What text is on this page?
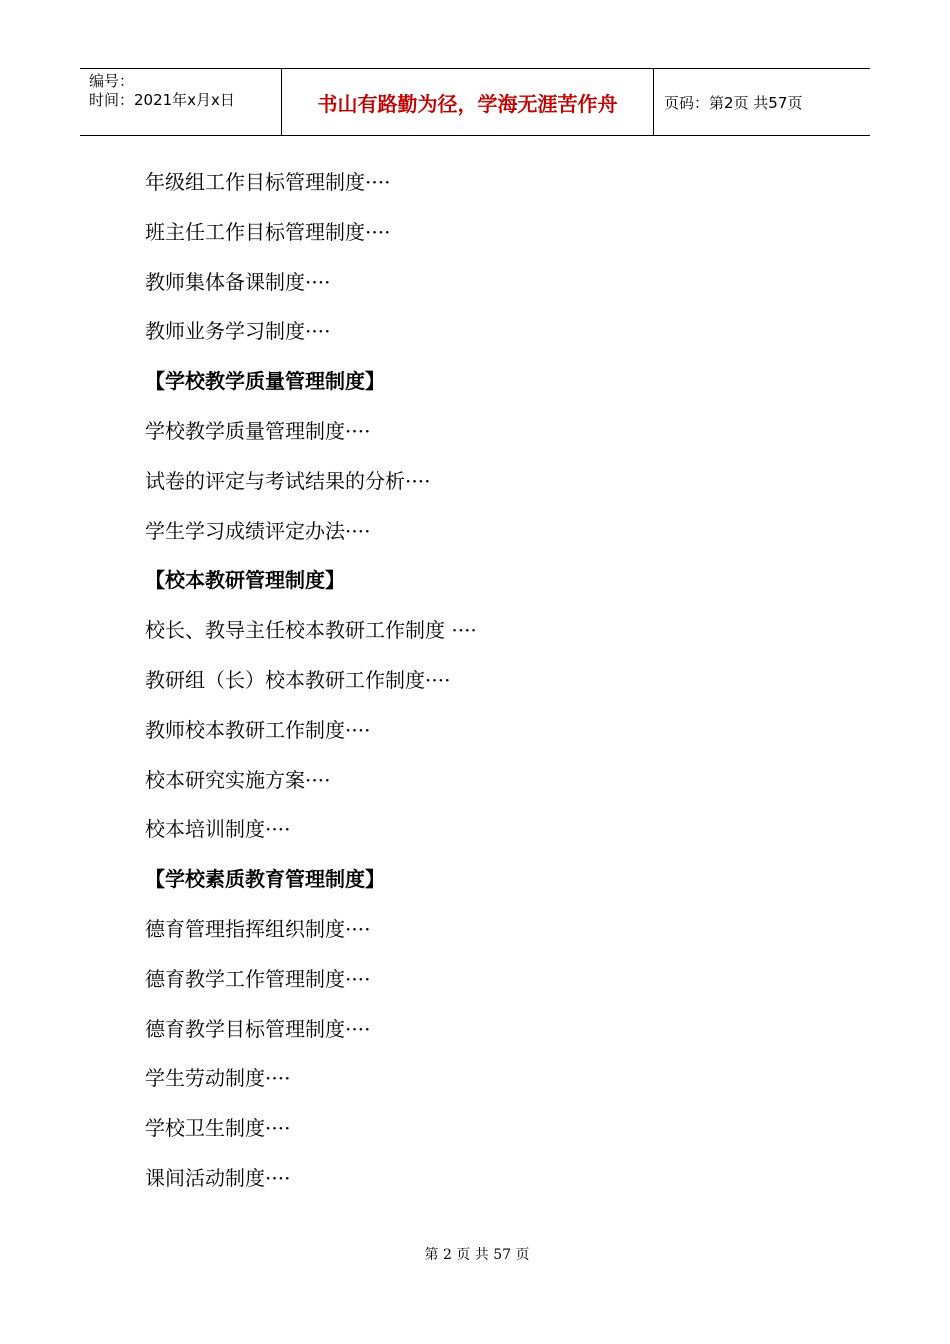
编号：
时间：2021年x月x日	书山有路勤为径，学海无涯苦作舟	页码：第2页 共57页
年级组工作目标管理制度····
班主任工作目标管理制度····
教师集体备课制度····
教师业务学习制度····
【学校教学质量管理制度】
学校教学质量管理制度····
试卷的评定与考试结果的分析····
学生学习成绩评定办法····
【校本教研管理制度】
校长、教导主任校本教研工作制度 ····
教研组（长）校本教研工作制度····
教师校本教研工作制度····
校本研究实施方案····
校本培训制度····
【学校素质教育管理制度】
德育管理指挥组织制度····
德育教学工作管理制度····
德育教学目标管理制度····
学生劳动制度····
学校卫生制度····
课间活动制度····
第 2 页 共 57 页
